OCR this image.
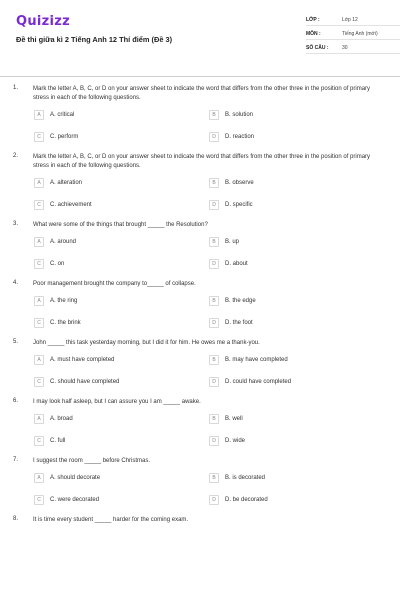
Quizizz
Đề thi giữa kì 2 Tiếng Anh 12 Thí điểm (Đề 3)
LỚP :	Lớp 12
MÔN :	Tiếng Anh (mới)
SỐ CÂU :	30
1.	Mark the letter A, B, C, or D on your answer sheet to indicate the word that differs from the other three in the position of primary stress in each of the following questions.
A	A. critical	B	B. solution
C	C. perform	D	D. reaction
2.	Mark the letter A, B, C, or D on your answer sheet to indicate the word that differs from the other three in the position of primary stress in each of the following questions.
A	A. alteration	B	B. observe
C	C. achievement	D	D. specific
3.	What were some of the things that brought _____ the Resolution?
A	A. around	B	B. up
C	C. on	D	D. about
4.	Poor management brought the company to_____ of collapse.
A	A. the ring	B	B. the edge
C	C. the brink	D	D. the foot
5.	John _____ this task yesterday morning, but I did it for him. He owes me a thank-you.
A	A. must have completed	B	B. may have completed
C	C. should have completed	D	D. could have completed
6.	I may look half asleep, but I can assure you I am _____ awake.
A	A. broad	B	B. well
C	C. full	D	D. wide
7.	I suggest the room _____ before Christmas.
A	A. should decorate	B	B. is decorated
C	C. were decorated	D	D. be decorated
8.	It is time every student _____ harder for the coming exam.
